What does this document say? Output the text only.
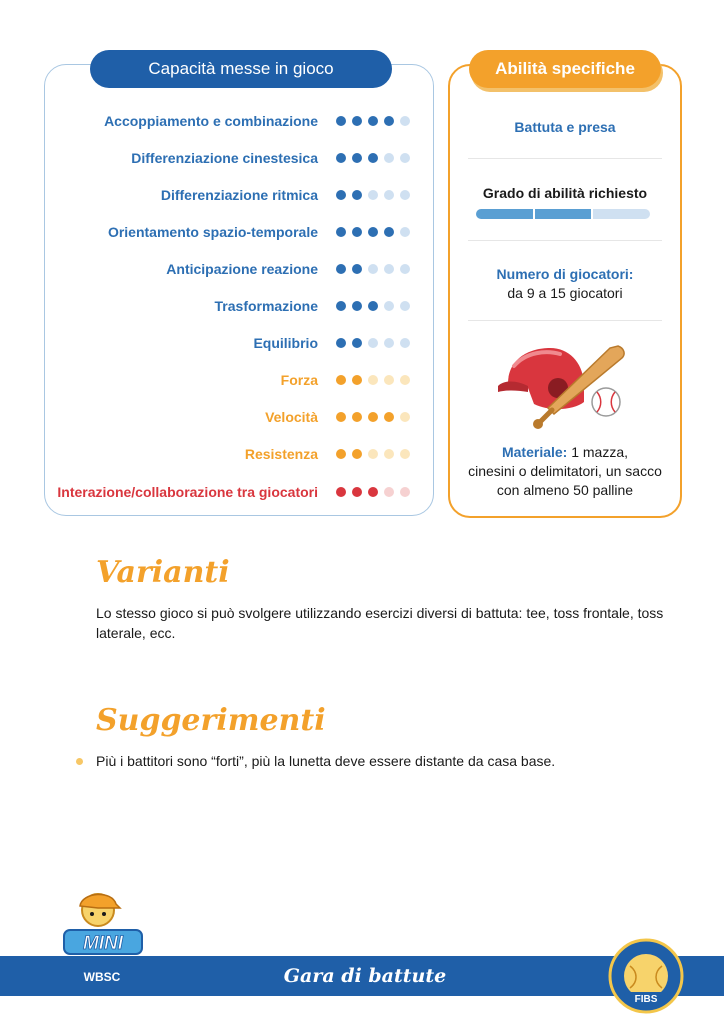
Capacità messe in gioco
Accoppiamento e combinazione
Differenziazione cinestesica
Differenziazione ritmica
Orientamento spazio-temporale
Anticipazione reazione
Trasformazione
Equilibrio
Forza
Velocità
Resistenza
Interazione/collaborazione tra giocatori
Abilità specifiche
Battuta e presa
Grado di abilità richiesto
Numero di giocatori:
da 9 a 15 giocatori
Materiale: 1 mazza,
cinesini o delimitatori, un sacco
con almeno 50 palline
Varianti
Lo stesso gioco si può svolgere utilizzando esercizi diversi di battuta: tee, toss frontale, toss laterale, ecc.
Suggerimenti
Più i battitori sono “forti”, più la lunetta deve essere distante da casa base.
Gara di battute
MINI
WBSC
FIBS
